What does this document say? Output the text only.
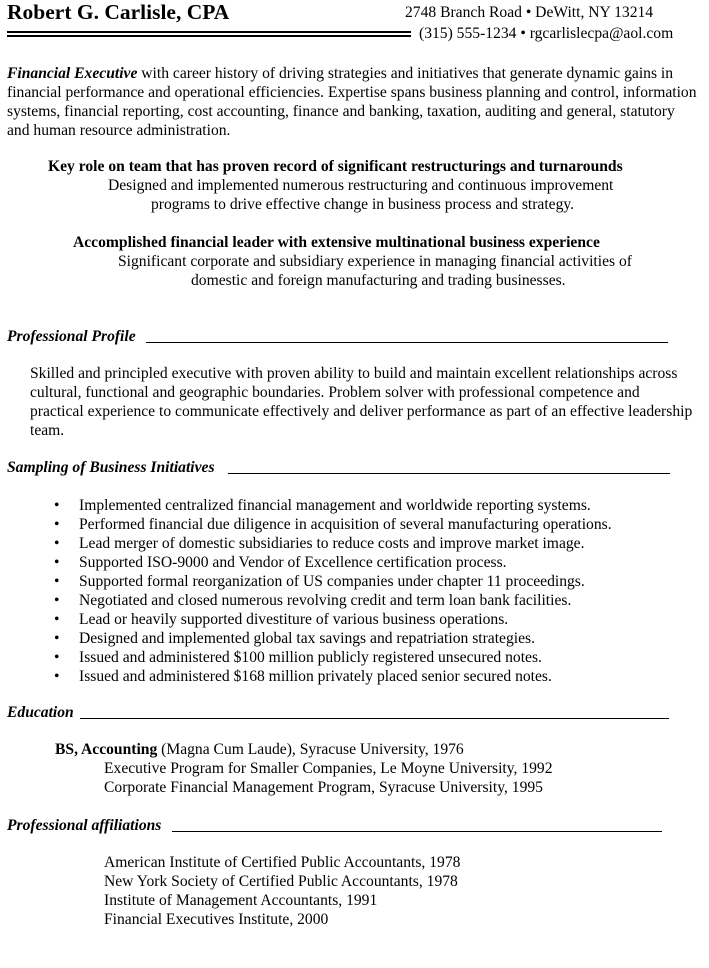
Robert G. Carlisle, CPA	2748 Branch Road • DeWitt, NY 13214
(315) 555-1234 • rgcarlislecpa@aol.com
Financial Executive with career history of driving strategies and initiatives that generate dynamic gains in financial performance and operational efficiencies. Expertise spans business planning and control, information systems, financial reporting, cost accounting, finance and banking, taxation, auditing and general, statutory and human resource administration.
Key role on team that has proven record of significant restructurings and turnarounds
Designed and implemented numerous restructuring and continuous improvement
programs to drive effective change in business process and strategy.
Accomplished financial leader with extensive multinational business experience
Significant corporate and subsidiary experience in managing financial activities of
domestic and foreign manufacturing and trading businesses.
Professional Profile
Skilled and principled executive with proven ability to build and maintain excellent relationships across cultural, functional and geographic boundaries. Problem solver with professional competence and practical experience to communicate effectively and deliver performance as part of an effective leadership team.
Sampling of Business Initiatives
• Implemented centralized financial management and worldwide reporting systems.
• Performed financial due diligence in acquisition of several manufacturing operations.
• Lead merger of domestic subsidiaries to reduce costs and improve market image.
• Supported ISO-9000 and Vendor of Excellence certification process.
• Supported formal reorganization of US companies under chapter 11 proceedings.
• Negotiated and closed numerous revolving credit and term loan bank facilities.
• Lead or heavily supported divestiture of various business operations.
• Designed and implemented global tax savings and repatriation strategies.
• Issued and administered $100 million publicly registered unsecured notes.
• Issued and administered $168 million privately placed senior secured notes.
Education
BS, Accounting (Magna Cum Laude), Syracuse University, 1976
Executive Program for Smaller Companies, Le Moyne University, 1992
Corporate Financial Management Program, Syracuse University, 1995
Professional affiliations
American Institute of Certified Public Accountants, 1978
New York Society of Certified Public Accountants, 1978
Institute of Management Accountants, 1991
Financial Executives Institute, 2000
